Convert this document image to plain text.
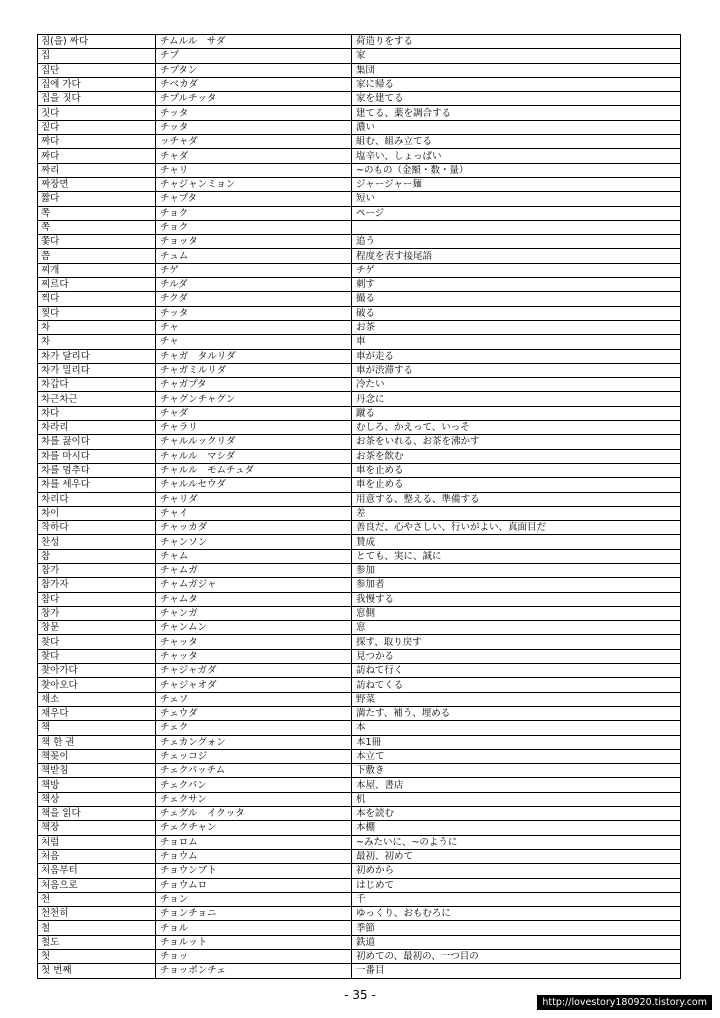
짐(을) 싸다	チムルル　サダ	荷造りをする
집	チプ	家
집단	チプタン	集団
집에 가다	チベカダ	家に帰る
집을 짓다	チプルチッタ	家を建てる
짓다	チッタ	建てる、薬を調合する
짙다	チッタ	濃い
짜다	ッチャダ	組む、組み立てる
짜다	チャダ	塩辛い、しょっぱい
짜리	チャリ	~のもの（金額・数・量）
짜장면	チャジャンミョン	ジャージャー麺
짧다	チャプタ	短い
쪽	チョク	ページ
쪽	チョク	
쫓다	チョッタ	追う
쯤	チュム	程度を表す接尾語
찌개	チゲ	チゲ
찌르다	チルダ	刺す
찍다	チクダ	撮る
찢다	チッタ	破る
차	チャ	お茶
차	チャ	車
차가 달리다	チャガ　タルリダ	車が走る
차가 밀리다	チャガミルリダ	車が渋滞する
차갑다	チャガプタ	冷たい
차근차근	チャグンチャグン	丹念に
차다	チャダ	蹴る
차라리	チャラリ	むしろ、かえって、いっそ
차를 끓이다	チャルルックリダ	お茶をいれる、お茶を沸かす
차를 마시다	チャルル　マシダ	お茶を飲む
차를 멈추다	チャルル　モムチュダ	車を止める
차를 세우다	チャルルセウダ	車を止める
차리다	チャリダ	用意する、整える、準備する
차이	チャイ	差
착하다	チャッカダ	善良だ、心やさしい、行いがよい、真面目だ
찬성	チャンソン	賛成
참	チャム	とても、実に、誠に
참가	チャムガ	参加
참가자	チャムガジャ	参加者
참다	チャムタ	我慢する
창가	チャンガ	窓側
창문	チャンムン	窓
찾다	チャッタ	探す、取り戻す
찾다	チャッタ	見つかる
찾아가다	チャジャガダ	訪ねて行く
찾아오다	チャジャオダ	訪ねてくる
채소	チェソ	野菜
채우다	チェウダ	満たす、補う、埋める
책	チェク	本
책 한 권	チェカングォン	本1冊
책꽂이	チェッコジ	本立て
책받침	チェクパッチム	下敷き
책방	チェクパン	本屋、書店
책상	チェクサン	机
책을 읽다	チェグル　イクッタ	本を読む
책장	チェクチャン	本棚
처럼	チョロム	~みたいに、~のように
처음	チョウム	最初、初めて
처음부터	チョウンブト	初めから
처음으로	チョウムロ	はじめて
천	チョン	千
천천히	チョンチョニ	ゆっくり、おもむろに
철	チョル	季節
철도	チョルット	鉄道
첫	チョッ	初めての、最初の、一つ目の
첫 번째	チョッポンチェ	一番目
- 35 -
http://lovestory180920.tistory.com
